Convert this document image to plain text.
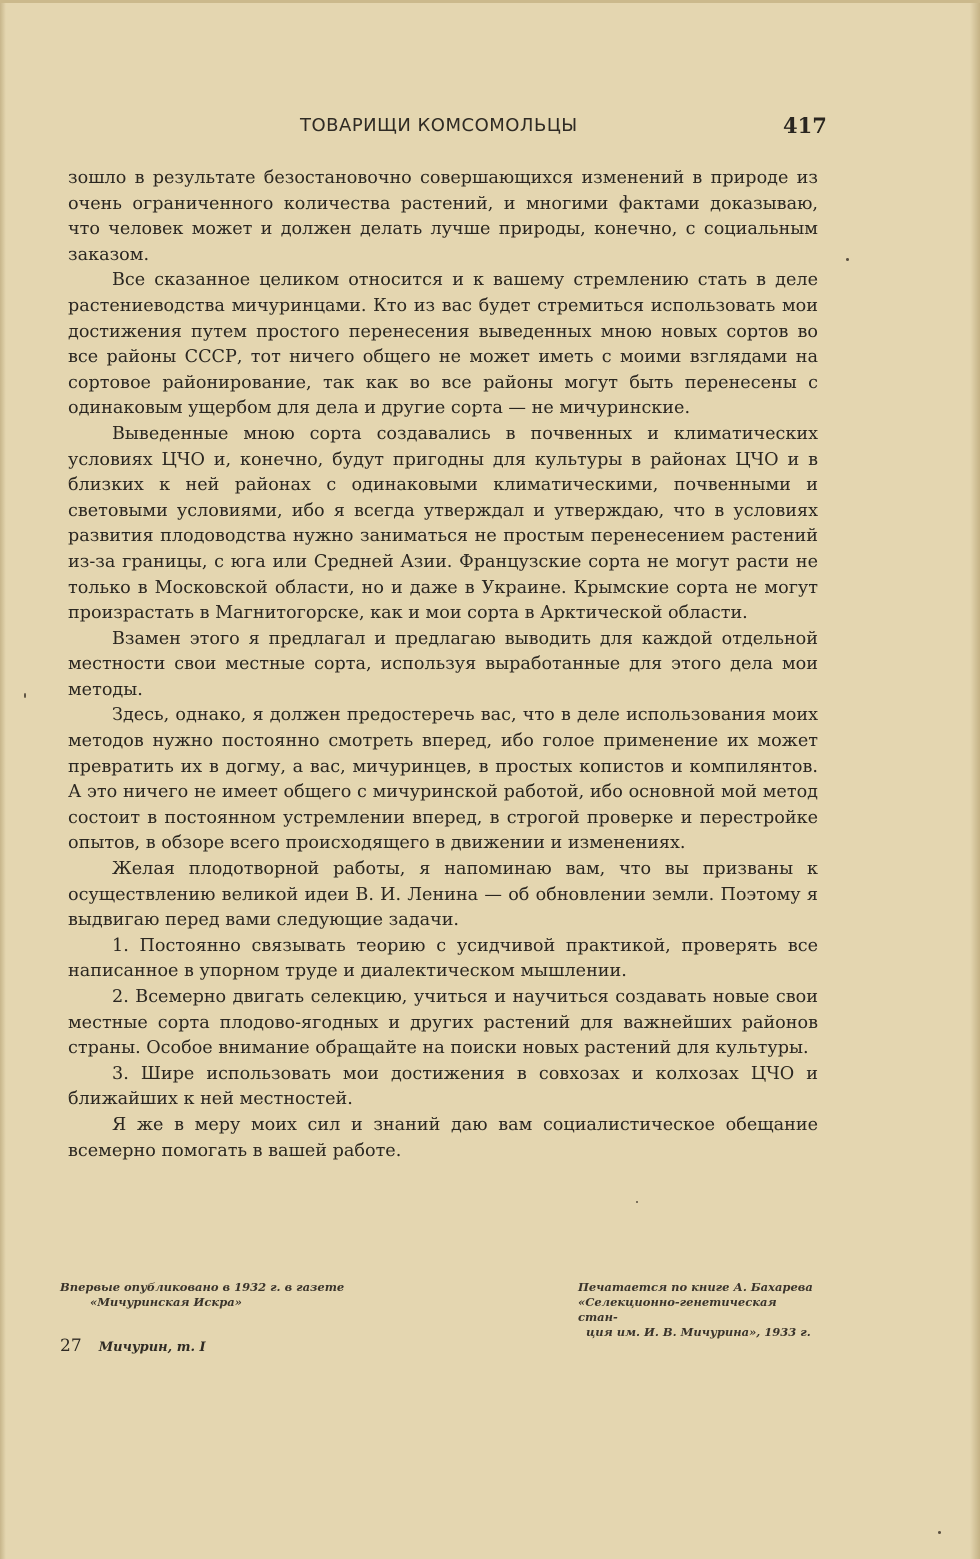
ТОВАРИЩИ КОМСОМОЛЬЦЫ	417

зошло в результате безостановочно совершающихся изменений в природе из очень ограниченного количества растений, и многими фактами доказываю, что человек может и должен делать лучше природы, конечно, с социальным заказом.

Все сказанное целиком относится и к вашему стремлению стать в деле растениеводства мичуринцами. Кто из вас будет стремиться использовать мои достижения путем простого перенесения выведенных мною новых сортов во все районы СССР, тот ничего общего не может иметь с моими взглядами на сортовое районирование, так как во все районы могут быть перенесены с одинаковым ущербом для дела и другие сорта — не мичуринские.

Выведенные мною сорта создавались в почвенных и климатических условиях ЦЧО и, конечно, будут пригодны для культуры в районах ЦЧО и в близких к ней районах с одинаковыми климатическими, почвенными и световыми условиями, ибо я всегда утверждал и утверждаю, что в условиях развития плодоводства нужно заниматься не простым перенесением растений из-за границы, с юга или Средней Азии. Французские сорта не могут расти не только в Московской области, но и даже в Украине. Крымские сорта не могут произрастать в Магнитогорске, как и мои сорта в Арктической области.

Взамен этого я предлагал и предлагаю выводить для каждой отдельной местности свои местные сорта, используя выработанные для этого дела мои методы.

Здесь, однако, я должен предостеречь вас, что в деле использования моих методов нужно постоянно смотреть вперед, ибо голое применение их может превратить их в догму, а вас, мичуринцев, в простых копистов и компилянтов. А это ничего не имеет общего с мичуринской работой, ибо основной мой метод состоит в постоянном устремлении вперед, в строгой проверке и перестройке опытов, в обзоре всего происходящего в движении и изменениях.

Желая плодотворной работы, я напоминаю вам, что вы призваны к осуществлению великой идеи В. И. Ленина — об обновлении земли. Поэтому я выдвигаю перед вами следующие задачи.

1. Постоянно связывать теорию с усидчивой практикой, проверять все написанное в упорном труде и диалектическом мышлении.

2. Всемерно двигать селекцию, учиться и научиться создавать новые свои местные сорта плодово-ягодных и других растений для важнейших районов страны. Особое внимание обращайте на поиски новых растений для культуры.

3. Шире использовать мои достижения в совхозах и колхозах ЦЧО и ближайших к ней местностей.

Я же в меру моих сил и знаний даю вам социалистическое обещание всемерно помогать в вашей работе.

Впервые опубликовано в 1932 г. в газете
«Мичуринская Искра»
Печатается по книге А. Бахарева
«Селекционно-генетическая стан-
ция им. И. В. Мичурина», 1933 г.
27 Мичурин, т. I
